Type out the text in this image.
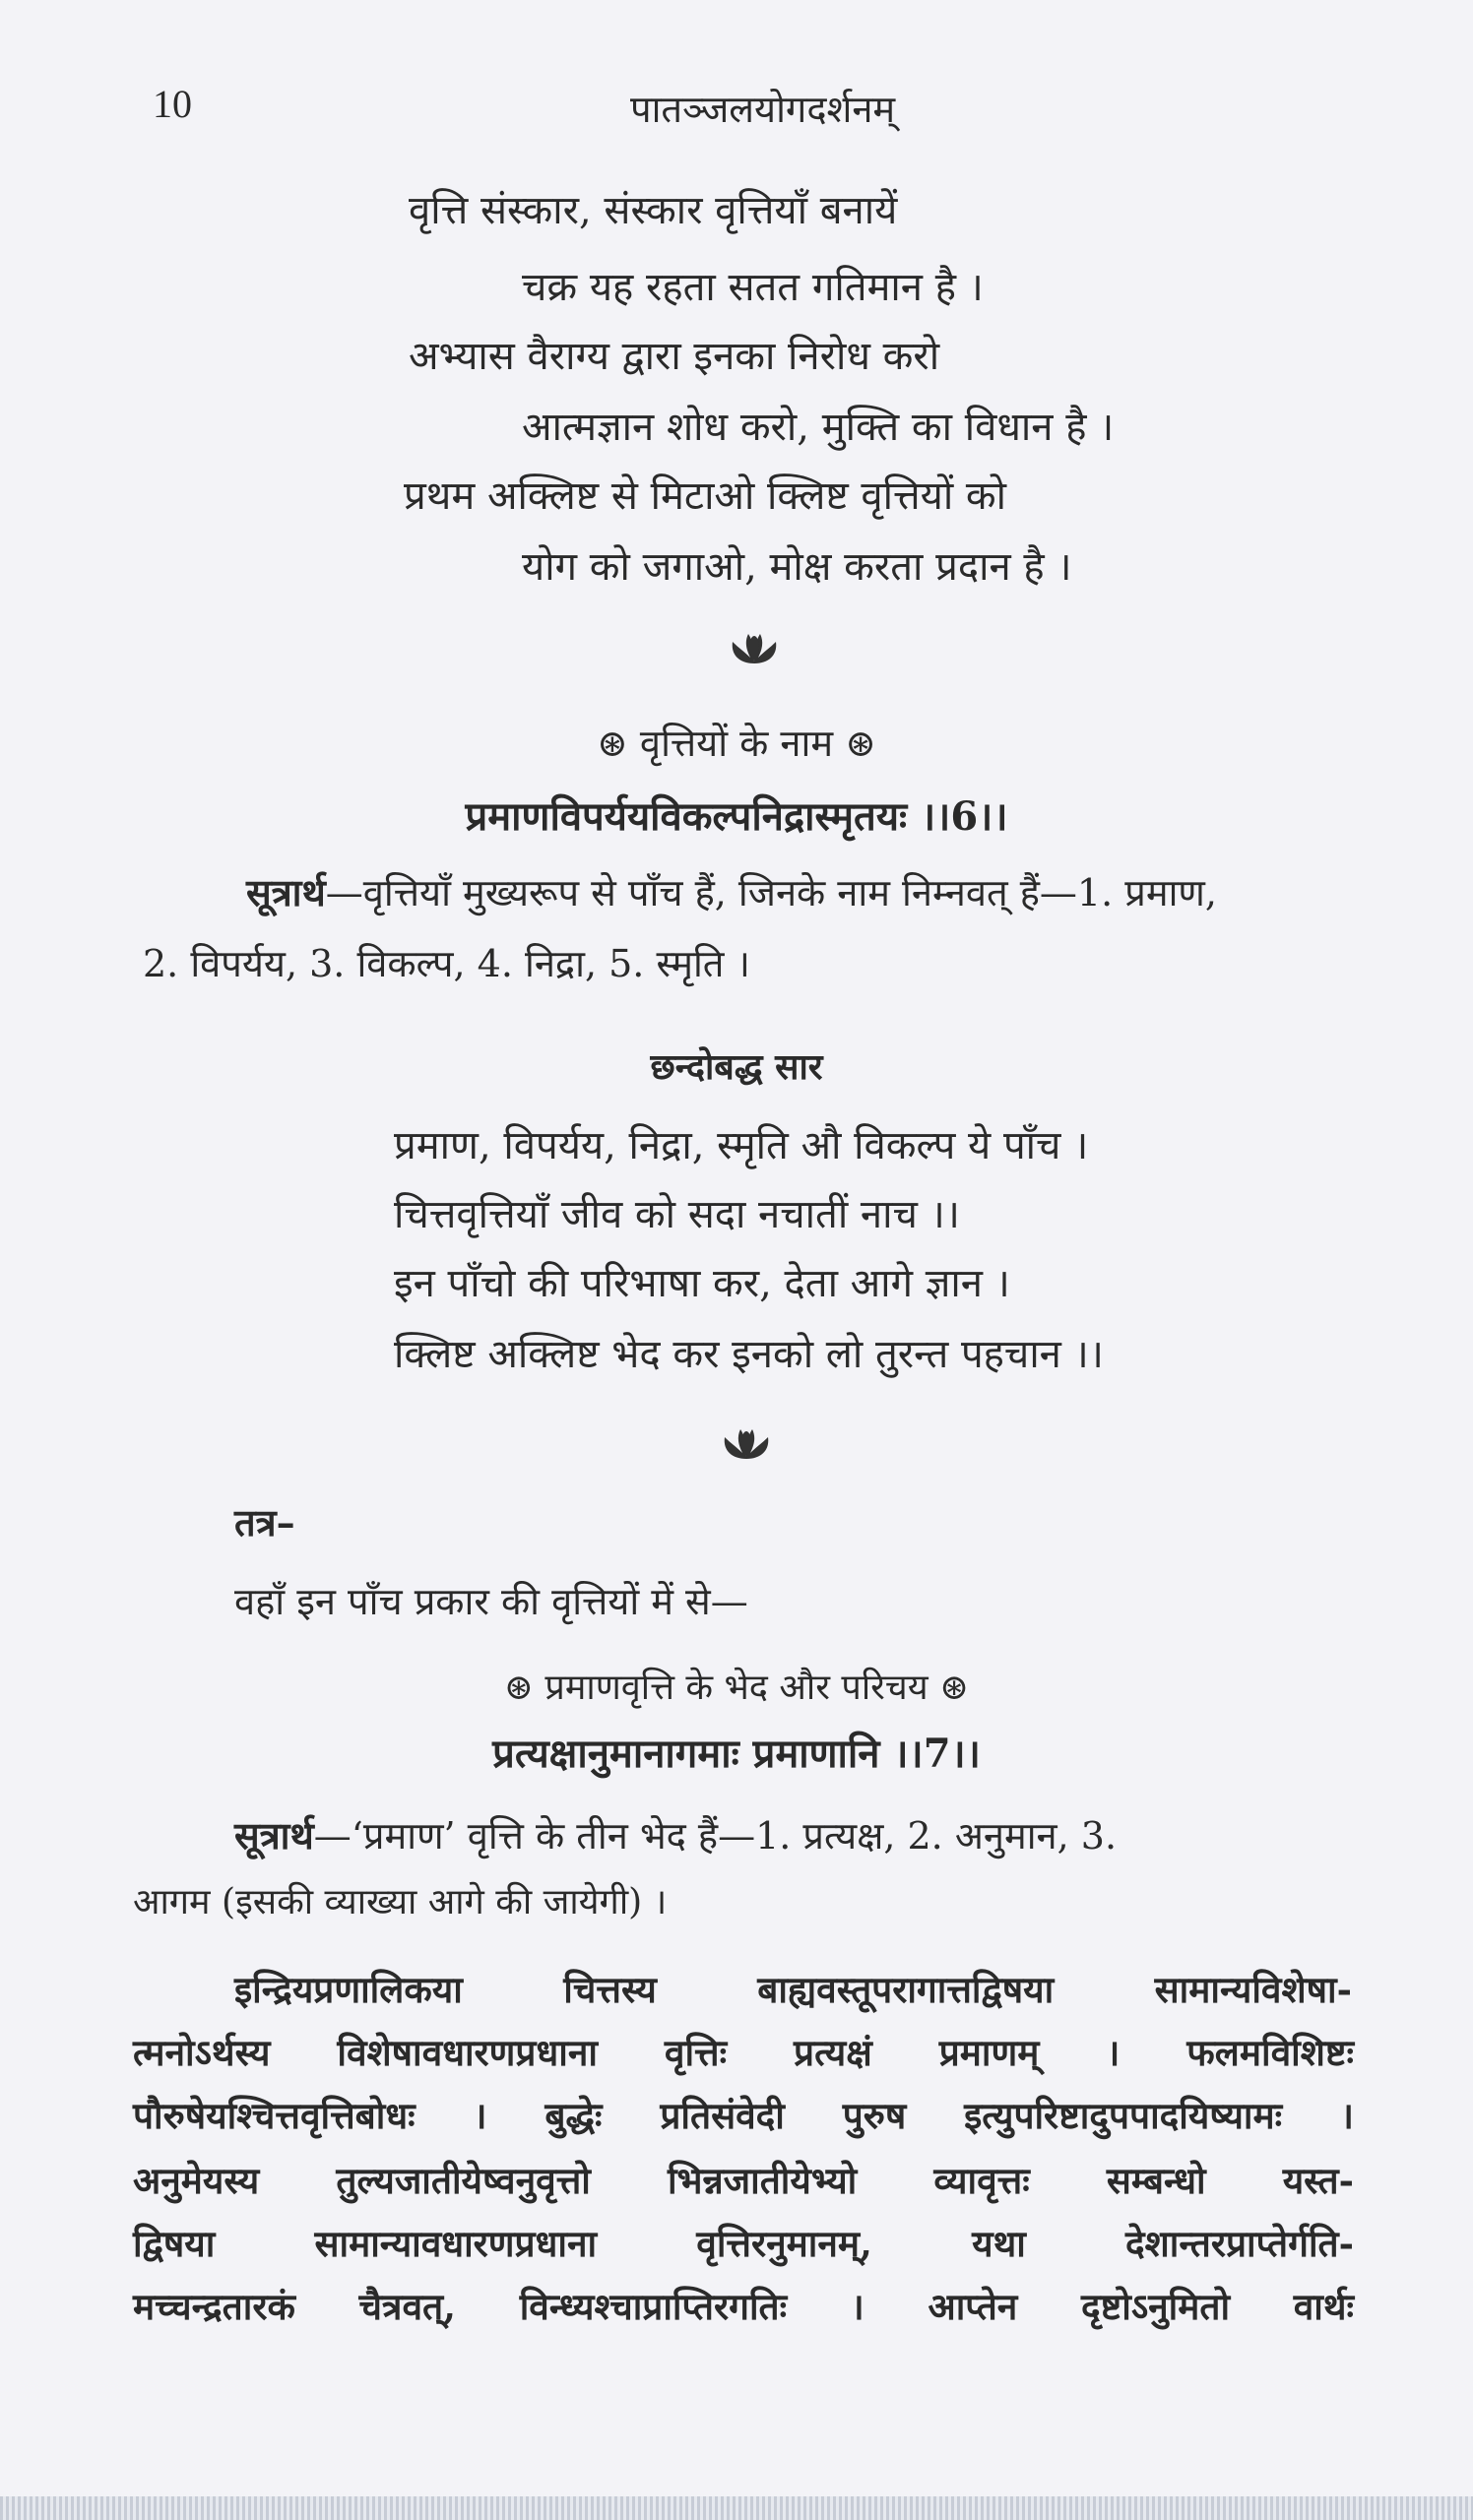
10	पातञ्जलयोगदर्शनम्
वृत्ति संस्कार, संस्कार वृत्तियाँ बनायें
चक्र यह रहता सतत गतिमान है ।
अभ्यास वैराग्य द्वारा इनका निरोध करो
आत्मज्ञान शोध करो, मुक्ति का विधान है ।
प्रथम अक्लिष्ट से मिटाओ क्लिष्ट वृत्तियों को
योग को जगाओ, मोक्ष करता प्रदान है ।
⊛ वृत्तियों के नाम ⊛
प्रमाणविपर्ययविकल्पनिद्रास्मृतयः ।।6।।
सूत्रार्थ—वृत्तियाँ मुख्यरूप से पाँच हैं, जिनके नाम निम्नवत् हैं—1. प्रमाण,
2. विपर्यय, 3. विकल्प, 4. निद्रा, 5. स्मृति ।
छन्दोबद्ध सार
प्रमाण, विपर्यय, निद्रा, स्मृति औ विकल्प ये पाँच ।
चित्तवृत्तियाँ जीव को सदा नचातीं नाच ।।
इन पाँचो की परिभाषा कर, देता आगे ज्ञान ।
क्लिष्ट अक्लिष्ट भेद कर इनको लो तुरन्त पहचान ।।
तत्र–
वहाँ इन पाँच प्रकार की वृत्तियों में से—
⊛ प्रमाणवृत्ति के भेद और परिचय ⊛
प्रत्यक्षानुमानागमाः प्रमाणानि ।।7।।
सूत्रार्थ—‘प्रमाण’ वृत्ति के तीन भेद हैं—1. प्रत्यक्ष, 2. अनुमान, 3.
आगम (इसकी व्याख्या आगे की जायेगी) ।
इन्द्रियप्रणालिकया चित्तस्य बाह्यवस्तूपरागात्तद्विषया सामान्यविशेषा-
त्मनोऽर्थस्य विशेषावधारणप्रधाना वृत्तिः प्रत्यक्षं प्रमाणम् । फलमविशिष्टः
पौरुषेयश्चित्तवृत्तिबोधः । बुद्धेः प्रतिसंवेदी पुरुष इत्युपरिष्टादुपपादयिष्यामः ।
अनुमेयस्य तुल्यजातीयेष्वनुवृत्तो भिन्नजातीयेभ्यो व्यावृत्तः सम्बन्धो यस्त-
द्विषया सामान्यावधारणप्रधाना वृत्तिरनुमानम्, यथा देशान्तरप्राप्तेर्गति-
मच्चन्द्रतारकं चैत्रवत्, विन्ध्यश्चाप्राप्तिरगतिः । आप्तेन दृष्टोऽनुमितो वार्थः
